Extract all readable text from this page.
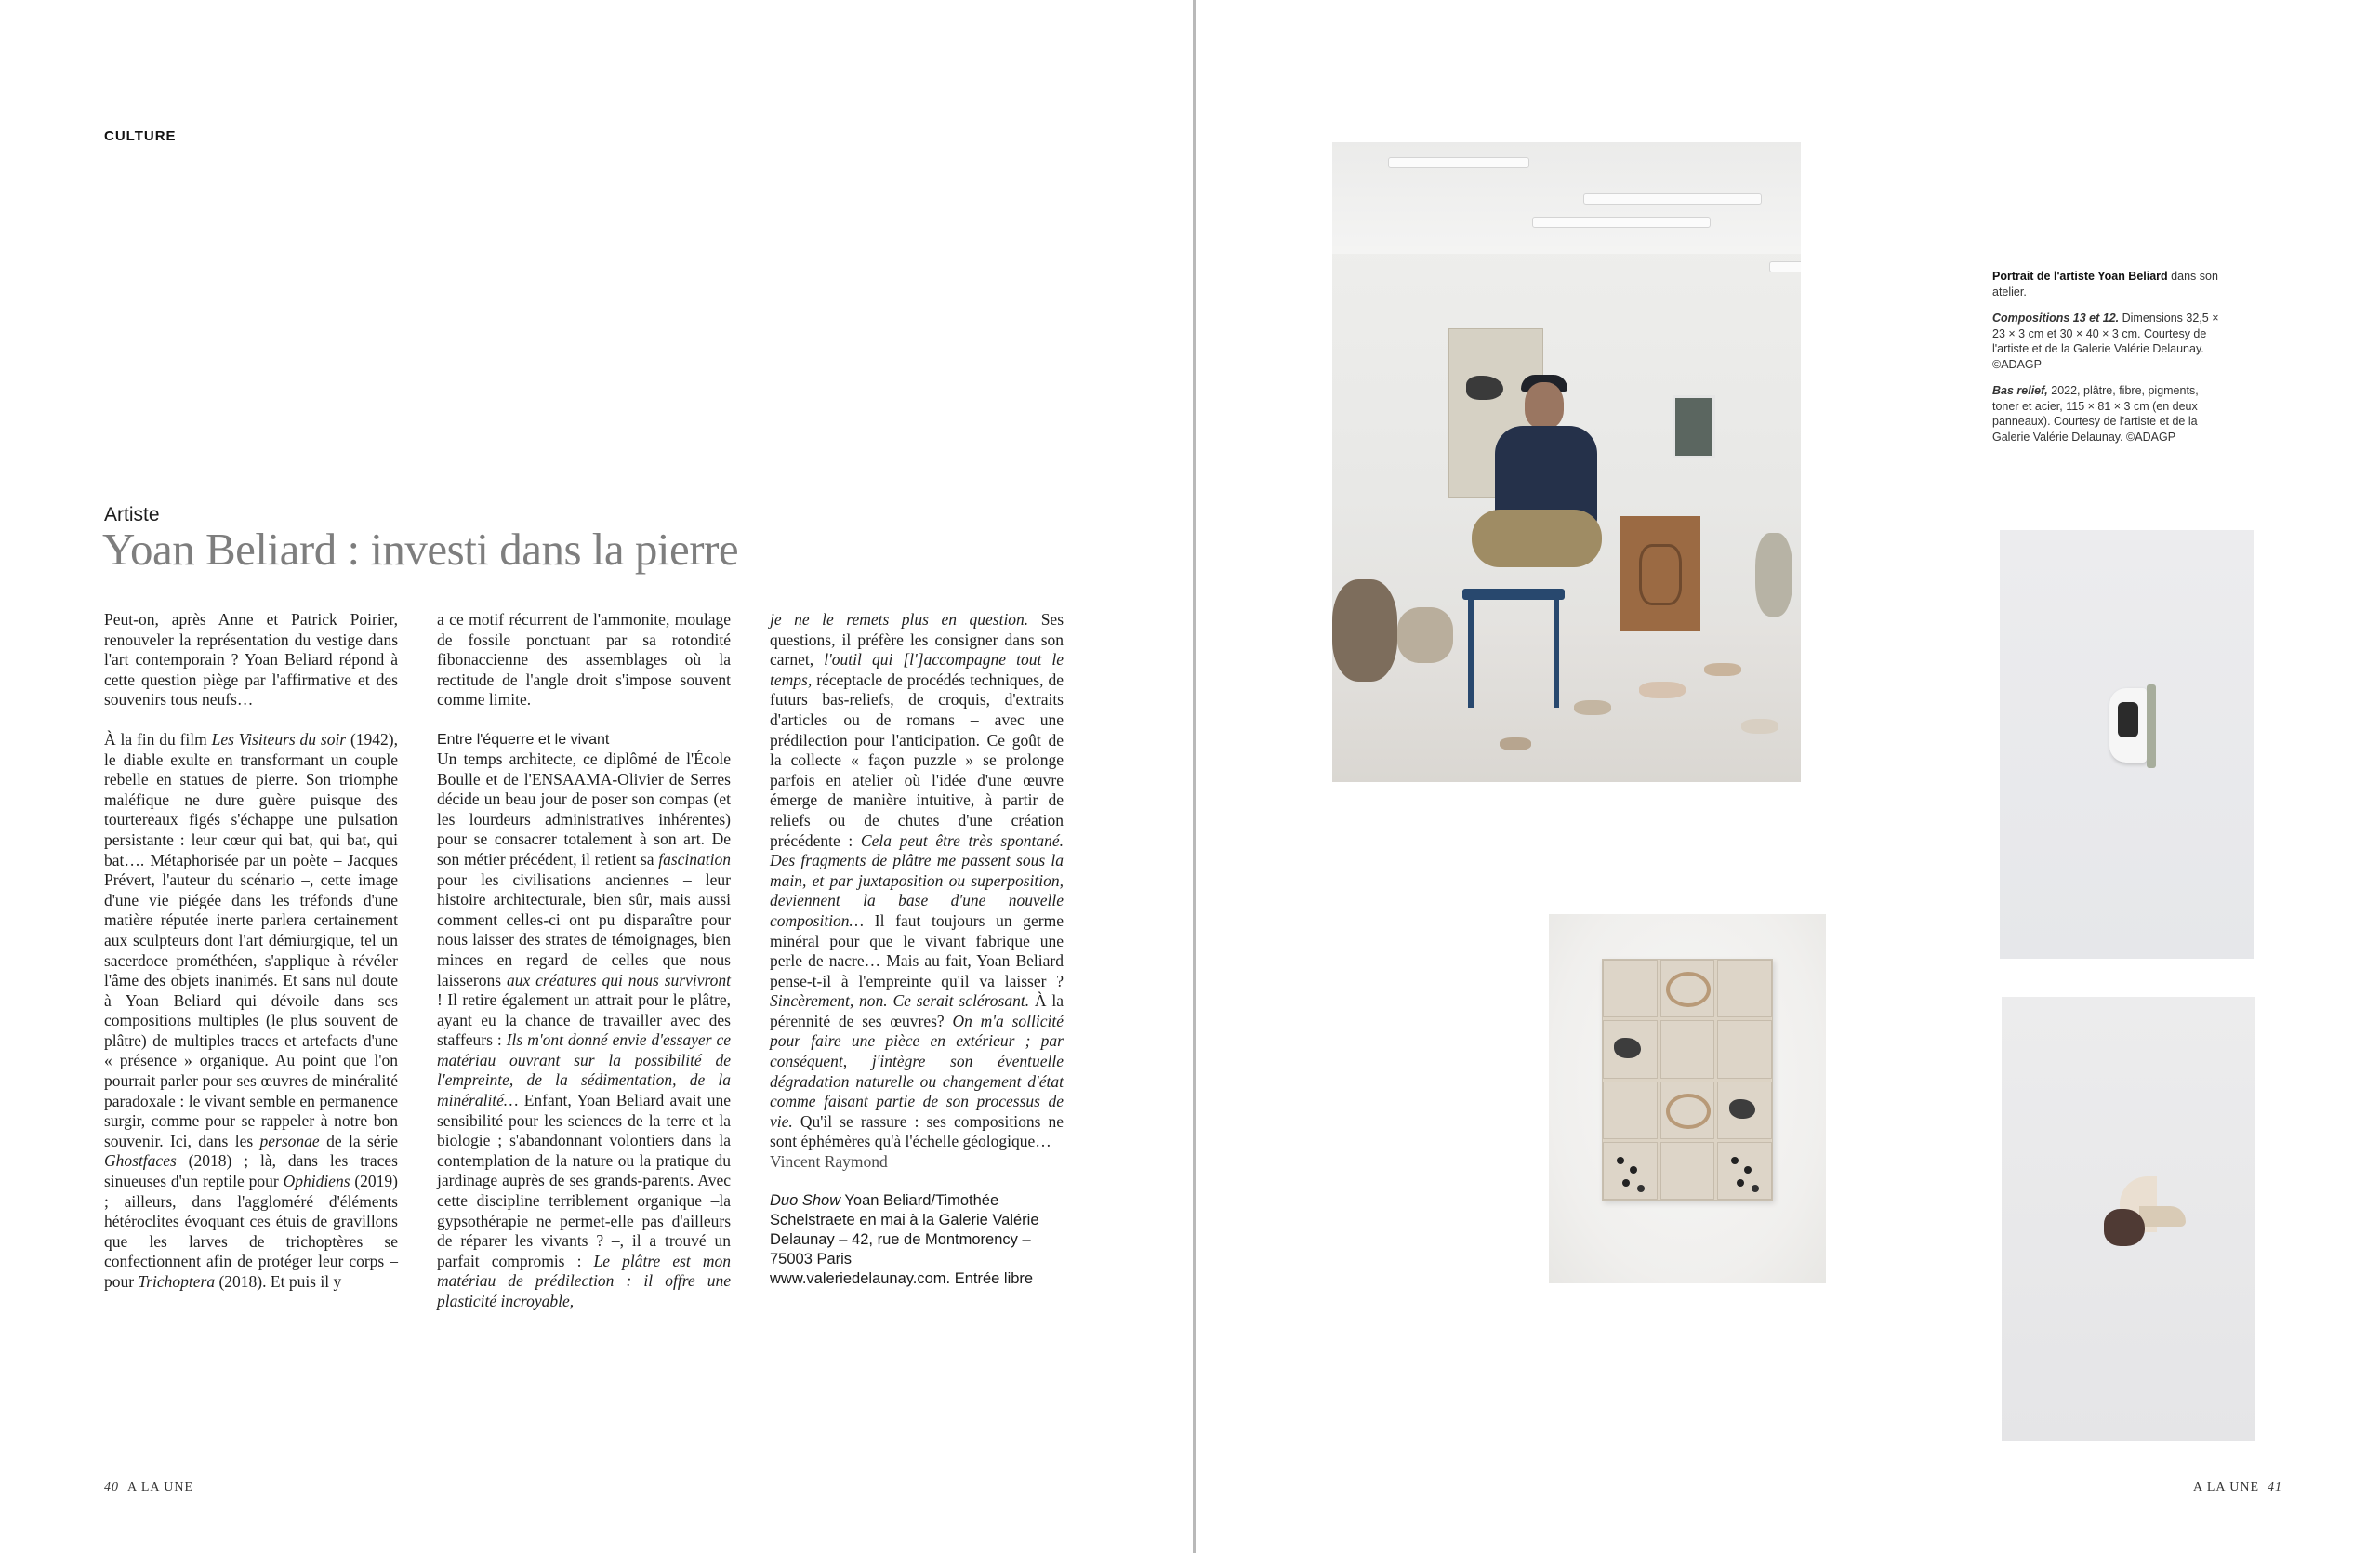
CULTURE
Artiste
Yoan Beliard : investi dans la pierre

Peut-on, après Anne et Patrick Poirier, renouveler la représentation du vestige dans l'art contemporain ? Yoan Beliard répond à cette question piège par l'affirmative et des souvenirs tous neufs…

À la fin du film Les Visiteurs du soir (1942), le diable exulte en transformant un couple rebelle en statues de pierre. Son triomphe maléfique ne dure guère puisque des tourtereaux figés s'échappe une pulsation persistante : leur cœur qui bat, qui bat, qui bat…. Métaphorisée par un poète – Jacques Prévert, l'auteur du scénario –, cette image d'une vie piégée dans les tréfonds d'une matière réputée inerte parlera certainement aux sculpteurs dont l'art démiurgique, tel un sacerdoce prométhéen, s'applique à révéler l'âme des objets inanimés. Et sans nul doute à Yoan Beliard qui dévoile dans ses compositions multiples (le plus souvent de plâtre) de multiples traces et artefacts d'une « présence » organique. Au point que l'on pourrait parler pour ses œuvres de minéralité paradoxale : le vivant semble en permanence surgir, comme pour se rappeler à notre bon souvenir. Ici, dans les personae de la série Ghostfaces (2018) ; là, dans les traces sinueuses d'un reptile pour Ophidiens (2019) ; ailleurs, dans l'aggloméré d'éléments hétéroclites évoquant ces étuis de gravillons que les larves de trichoptères se confectionnent afin de protéger leur corps – pour Trichoptera (2018). Et puis il y

a ce motif récurrent de l'ammonite, moulage de fossile ponctuant par sa rotondité fibonaccienne des assemblages où la rectitude de l'angle droit s'impose souvent comme limite.

Entre l'équerre et le vivant

Un temps architecte, ce diplômé de l'École Boulle et de l'ENSAAMA-Olivier de Serres décide un beau jour de poser son compas (et les lourdeurs administratives inhérentes) pour se consacrer totalement à son art. De son métier précédent, il retient sa fascination pour les civilisations anciennes – leur histoire architecturale, bien sûr, mais aussi comment celles-ci ont pu disparaître pour nous laisser des strates de témoignages, bien minces en regard de celles que nous laisserons aux créatures qui nous survivront ! Il retire également un attrait pour le plâtre, ayant eu la chance de travailler avec des staffeurs : Ils m'ont donné envie d'essayer ce matériau ouvrant sur la possibilité de l'empreinte, de la sédimentation, de la minéralité… Enfant, Yoan Beliard avait une sensibilité pour les sciences de la terre et la biologie ; s'abandonnant volontiers dans la contemplation de la nature ou la pratique du jardinage auprès de ses grands-parents. Avec cette discipline terriblement organique –la gypsothérapie ne permet-elle pas d'ailleurs de réparer les vivants ? –, il a trouvé un parfait compromis : Le plâtre est mon matériau de prédilection : il offre une plasticité incroyable,

je ne le remets plus en question. Ses questions, il préfère les consigner dans son carnet, l'outil qui [l']accompagne tout le temps, réceptacle de procédés techniques, de futurs bas-reliefs, de croquis, d'extraits d'articles ou de romans – avec une prédilection pour l'anticipation. Ce goût de la collecte « façon puzzle » se prolonge parfois en atelier où l'idée d'une œuvre émerge de manière intuitive, à partir de reliefs ou de chutes d'une création précédente : Cela peut être très spontané. Des fragments de plâtre me passent sous la main, et par juxtaposition ou superposition, deviennent la base d'une nouvelle composition… Il faut toujours un germe minéral pour que le vivant fabrique une perle de nacre… Mais au fait, Yoan Beliard pense-t-il à l'empreinte qu'il va laisser ? Sincèrement, non. Ce serait sclérosant. À la pérennité de ses œuvres? On m'a sollicité pour faire une pièce en extérieur ; par conséquent, j'intègre son éventuelle dégradation naturelle ou changement d'état comme faisant partie de son processus de vie. Qu'il se rassure : ses compositions ne sont éphémères qu'à l'échelle géologique…

Vincent Raymond

Duo Show Yoan Beliard/Timothée Schelstraete en mai à la Galerie Valérie Delaunay – 42, rue de Montmorency – 75003 Paris
www.valeriedelaunay.com. Entrée libre
40 A LA UNE

Portrait de l'artiste Yoan Beliard dans son atelier.

Compositions 13 et 12. Dimensions 32,5 × 23 × 3 cm et 30 × 40 × 3 cm. Courtesy de l'artiste et de la Galerie Valérie Delaunay. ©ADAGP

Bas relief, 2022, plâtre, fibre, pigments, toner et acier, 115 × 81 × 3 cm (en deux panneaux). Courtesy de l'artiste et de la Galerie Valérie Delaunay. ©ADAGP

A LA UNE 41
